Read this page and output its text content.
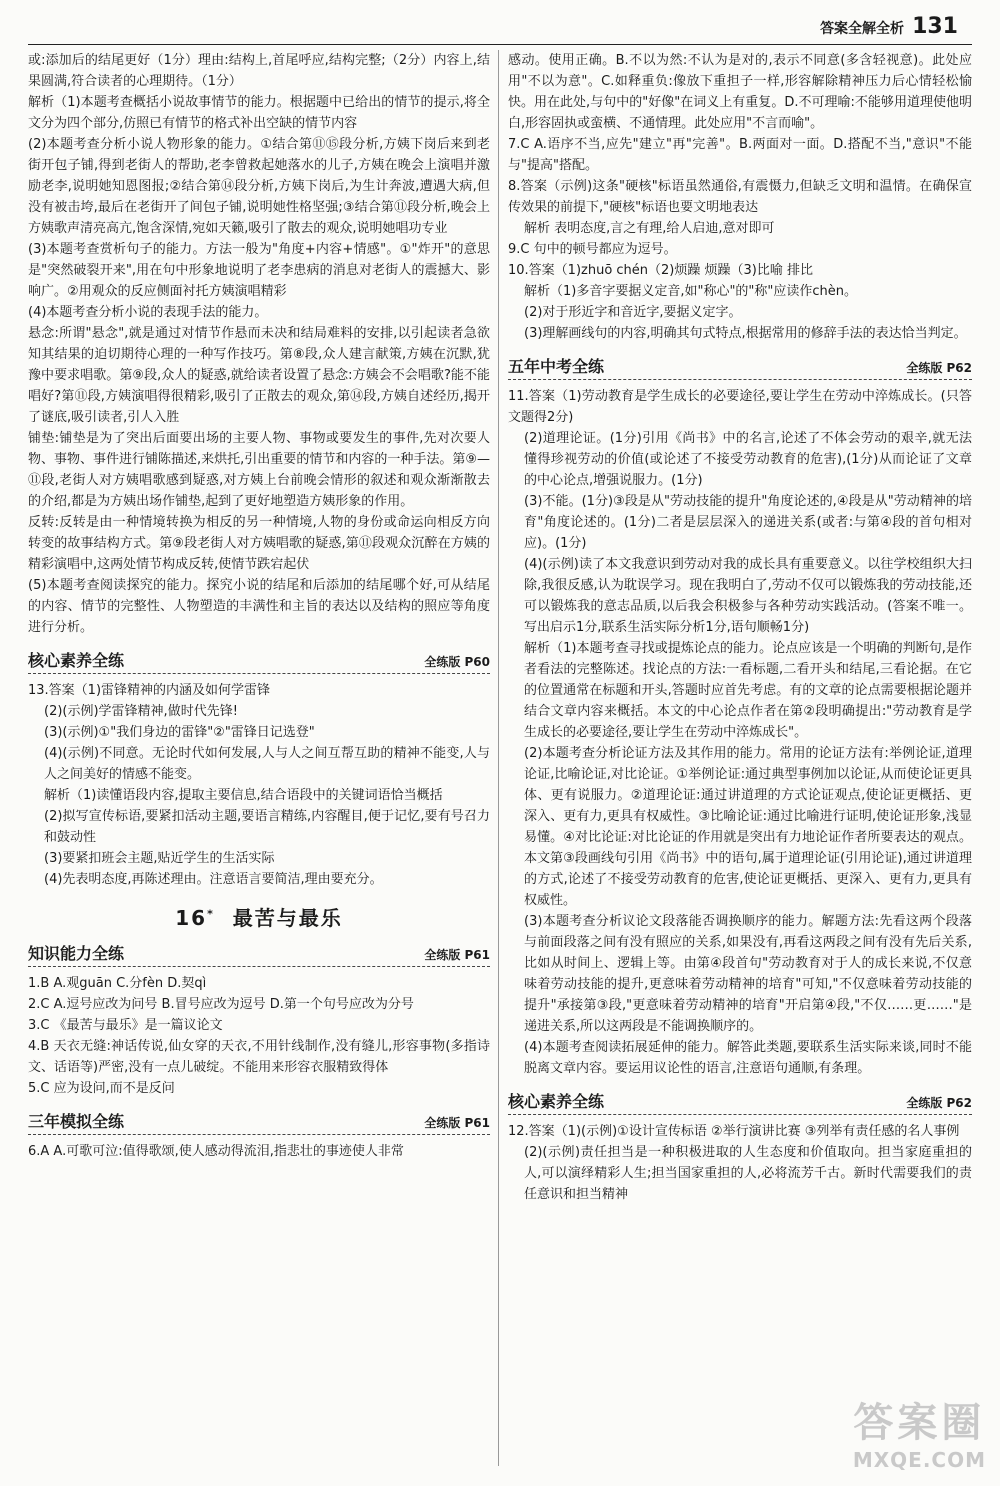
答案全解全析 131

或:添加后的结尾更好（1分）理由:结构上,首尾呼应,结构完整;（2分）内容上,结果圆满,符合读者的心理期待。（1分）

解析（1)本题考查概括小说故事情节的能力。根据题中已给出的情节的提示,将全文分为四个部分,仿照已有情节的格式补出空缺的情节内容

(2)本题考查分析小说人物形象的能力。①结合第⑪⑮段分析,方姨下岗后来到老街开包子铺,得到老街人的帮助,老李曾救起她落水的儿子,方姨在晚会上演唱并激励老李,说明她知恩图报;②结合第⑭段分析,方姨下岗后,为生计奔波,遭遇大病,但没有被击垮,最后在老街开了间包子铺,说明她性格坚强;③结合第⑪段分析,晚会上方姨歌声清亮高亢,饱含深情,宛如天籁,吸引了散去的观众,说明她唱功专业

(3)本题考查赏析句子的能力。方法一般为"角度+内容+情感"。①"炸开"的意思是"突然破裂开来",用在句中形象地说明了老李患病的消息对老街人的震撼大、影响广。②用观众的反应侧面衬托方姨演唱精彩

(4)本题考查分析小说的表现手法的能力。

悬念:所谓"悬念",就是通过对情节作悬而未决和结局难料的安排,以引起读者急欲知其结果的迫切期待心理的一种写作技巧。第⑧段,众人建言献策,方姨在沉默,犹豫中要求唱歌。第⑨段,众人的疑惑,就给读者设置了悬念:方姨会不会唱歌?能不能唱好?第⑪段,方姨演唱得很精彩,吸引了正散去的观众,第⑭段,方姨自述经历,揭开了谜底,吸引读者,引人入胜

铺垫:铺垫是为了突出后面要出场的主要人物、事物或要发生的事件,先对次要人物、事物、事件进行铺陈描述,来烘托,引出重要的情节和内容的一种手法。第⑨—⑪段,老街人对方姨唱歌感到疑惑,对方姨上台前晚会情形的叙述和观众渐渐散去的介绍,都是为方姨出场作铺垫,起到了更好地塑造方姨形象的作用。

反转:反转是由一种情境转换为相反的另一种情境,人物的身份或命运向相反方向转变的故事结构方式。第⑨段老街人对方姨唱歌的疑惑,第⑪段观众沉醉在方姨的精彩演唱中,这两处情节构成反转,使情节跌宕起伏

(5)本题考查阅读探究的能力。探究小说的结尾和后添加的结尾哪个好,可从结尾的内容、情节的完整性、人物塑造的丰满性和主旨的表达以及结构的照应等角度进行分析。

核心素养全练	全练版 P60

13.答案（1)雷锋精神的内涵及如何学雷锋

(2)(示例)学雷锋精神,做时代先锋!

(3)(示例)①"我们身边的雷锋"②"雷锋日记选登"

(4)(示例)不同意。无论时代如何发展,人与人之间互帮互助的精神不能变,人与人之间美好的情感不能变。

解析（1)读懂语段内容,提取主要信息,结合语段中的关键词语恰当概括

(2)拟写宣传标语,要紧扣活动主题,要语言精练,内容醒目,便于记忆,要有号召力和鼓动性

(3)要紧扣班会主题,贴近学生的生活实际

(4)先表明态度,再陈述理由。注意语言要简洁,理由要充分。

16* 最苦与最乐
知识能力全练	全练版 P61

1.B A.观guān C.分fèn D.契qì

2.C A.逗号应改为问号 B.冒号应改为逗号 D.第一个句号应改为分号

3.C 《最苦与最乐》是一篇议论文

4.B 天衣无缝:神话传说,仙女穿的天衣,不用针线制作,没有缝儿,形容事物(多指诗文、话语等)严密,没有一点儿破绽。不能用来形容衣服精致得体

5.C 应为设问,而不是反问

三年模拟全练	全练版 P61

6.A A.可歌可泣:值得歌颂,使人感动得流泪,指悲壮的事迹使人非常

感动。使用正确。B.不以为然:不认为是对的,表示不同意(多含轻视意)。此处应用"不以为意"。C.如释重负:像放下重担子一样,形容解除精神压力后心情轻松愉快。用在此处,与句中的"好像"在词义上有重复。D.不可理喻:不能够用道理使他明白,形容固执或蛮横、不通情理。此处应用"不言而喻"。

7.C A.语序不当,应先"建立"再"完善"。B.两面对一面。D.搭配不当,"意识"不能与"提高"搭配。

8.答案（示例)这条"硬核"标语虽然通俗,有震慑力,但缺乏文明和温情。在确保宣传效果的前提下,"硬核"标语也要文明地表达

解析 表明态度,言之有理,给人启迪,意对即可

9.C 句中的顿号都应为逗号。

10.答案（1)zhuō chén（2)烦躁 烦躁（3)比喻 排比

解析（1)多音字要据义定音,如"称心"的"称"应读作chèn。

(2)对于形近字和音近字,要据义定字。

(3)理解画线句的内容,明确其句式特点,根据常用的修辞手法的表达恰当判定。

五年中考全练	全练版 P62

11.答案（1)劳动教育是学生成长的必要途径,要让学生在劳动中淬炼成长。(只答文题得2分)

(2)道理论证。(1分)引用《尚书》中的名言,论述了不体会劳动的艰辛,就无法懂得珍视劳动的价值(或论述了不接受劳动教育的危害),(1分)从而论证了文章的中心论点,增强说服力。(1分)

(3)不能。(1分)③段是从"劳动技能的提升"角度论述的,④段是从"劳动精神的培育"角度论述的。(1分)二者是层层深入的递进关系(或者:与第④段的首句相对应)。(1分)

(4)(示例)读了本文我意识到劳动对我的成长具有重要意义。以往学校组织大扫除,我很反感,认为耽误学习。现在我明白了,劳动不仅可以锻炼我的劳动技能,还可以锻炼我的意志品质,以后我会积极参与各种劳动实践活动。(答案不唯一。写出启示1分,联系生活实际分析1分,语句顺畅1分)

解析（1)本题考查寻找或提炼论点的能力。论点应该是一个明确的判断句,是作者看法的完整陈述。找论点的方法:一看标题,二看开头和结尾,三看论据。在它的位置通常在标题和开头,答题时应首先考虑。有的文章的论点需要根据论题并结合文章内容来概括。本文的中心论点作者在第②段明确提出:"劳动教育是学生成长的必要途径,要让学生在劳动中淬炼成长"。

(2)本题考查分析论证方法及其作用的能力。常用的论证方法有:举例论证,道理论证,比喻论证,对比论证。①举例论证:通过典型事例加以论证,从而使论证更具体、更有说服力。②道理论证:通过讲道理的方式论证观点,使论证更概括、更深入、更有力,更具有权威性。③比喻论证:通过比喻进行证明,使论证形象,浅显易懂。④对比论证:对比论证的作用就是突出有力地论证作者所要表达的观点。本文第③段画线句引用《尚书》中的语句,属于道理论证(引用论证),通过讲道理的方式,论述了不接受劳动教育的危害,使论证更概括、更深入、更有力,更具有权威性。

(3)本题考查分析议论文段落能否调换顺序的能力。解题方法:先看这两个段落与前面段落之间有没有照应的关系,如果没有,再看这两段之间有没有先后关系,比如从时间上、逻辑上等。由第④段首句"劳动教育对于人的成长来说,不仅意味着劳动技能的提升,更意味着劳动精神的培育"可知,"不仅意味着劳动技能的提升"承接第③段,"更意味着劳动精神的培育"开启第④段,"不仅……更……"是递进关系,所以这两段是不能调换顺序的。

(4)本题考查阅读拓展延伸的能力。解答此类题,要联系生活实际来谈,同时不能脱离文章内容。要运用议论性的语言,注意语句通顺,有条理。

核心素养全练	全练版 P62

12.答案（1)(示例)①设计宣传标语 ②举行演讲比赛 ③列举有责任感的名人事例

(2)(示例)责任担当是一种积极进取的人生态度和价值取向。担当家庭重担的人,可以演绎精彩人生;担当国家重担的人,必将流芳千古。新时代需要我们的责任意识和担当精神

答案圈
MXQE.COM
